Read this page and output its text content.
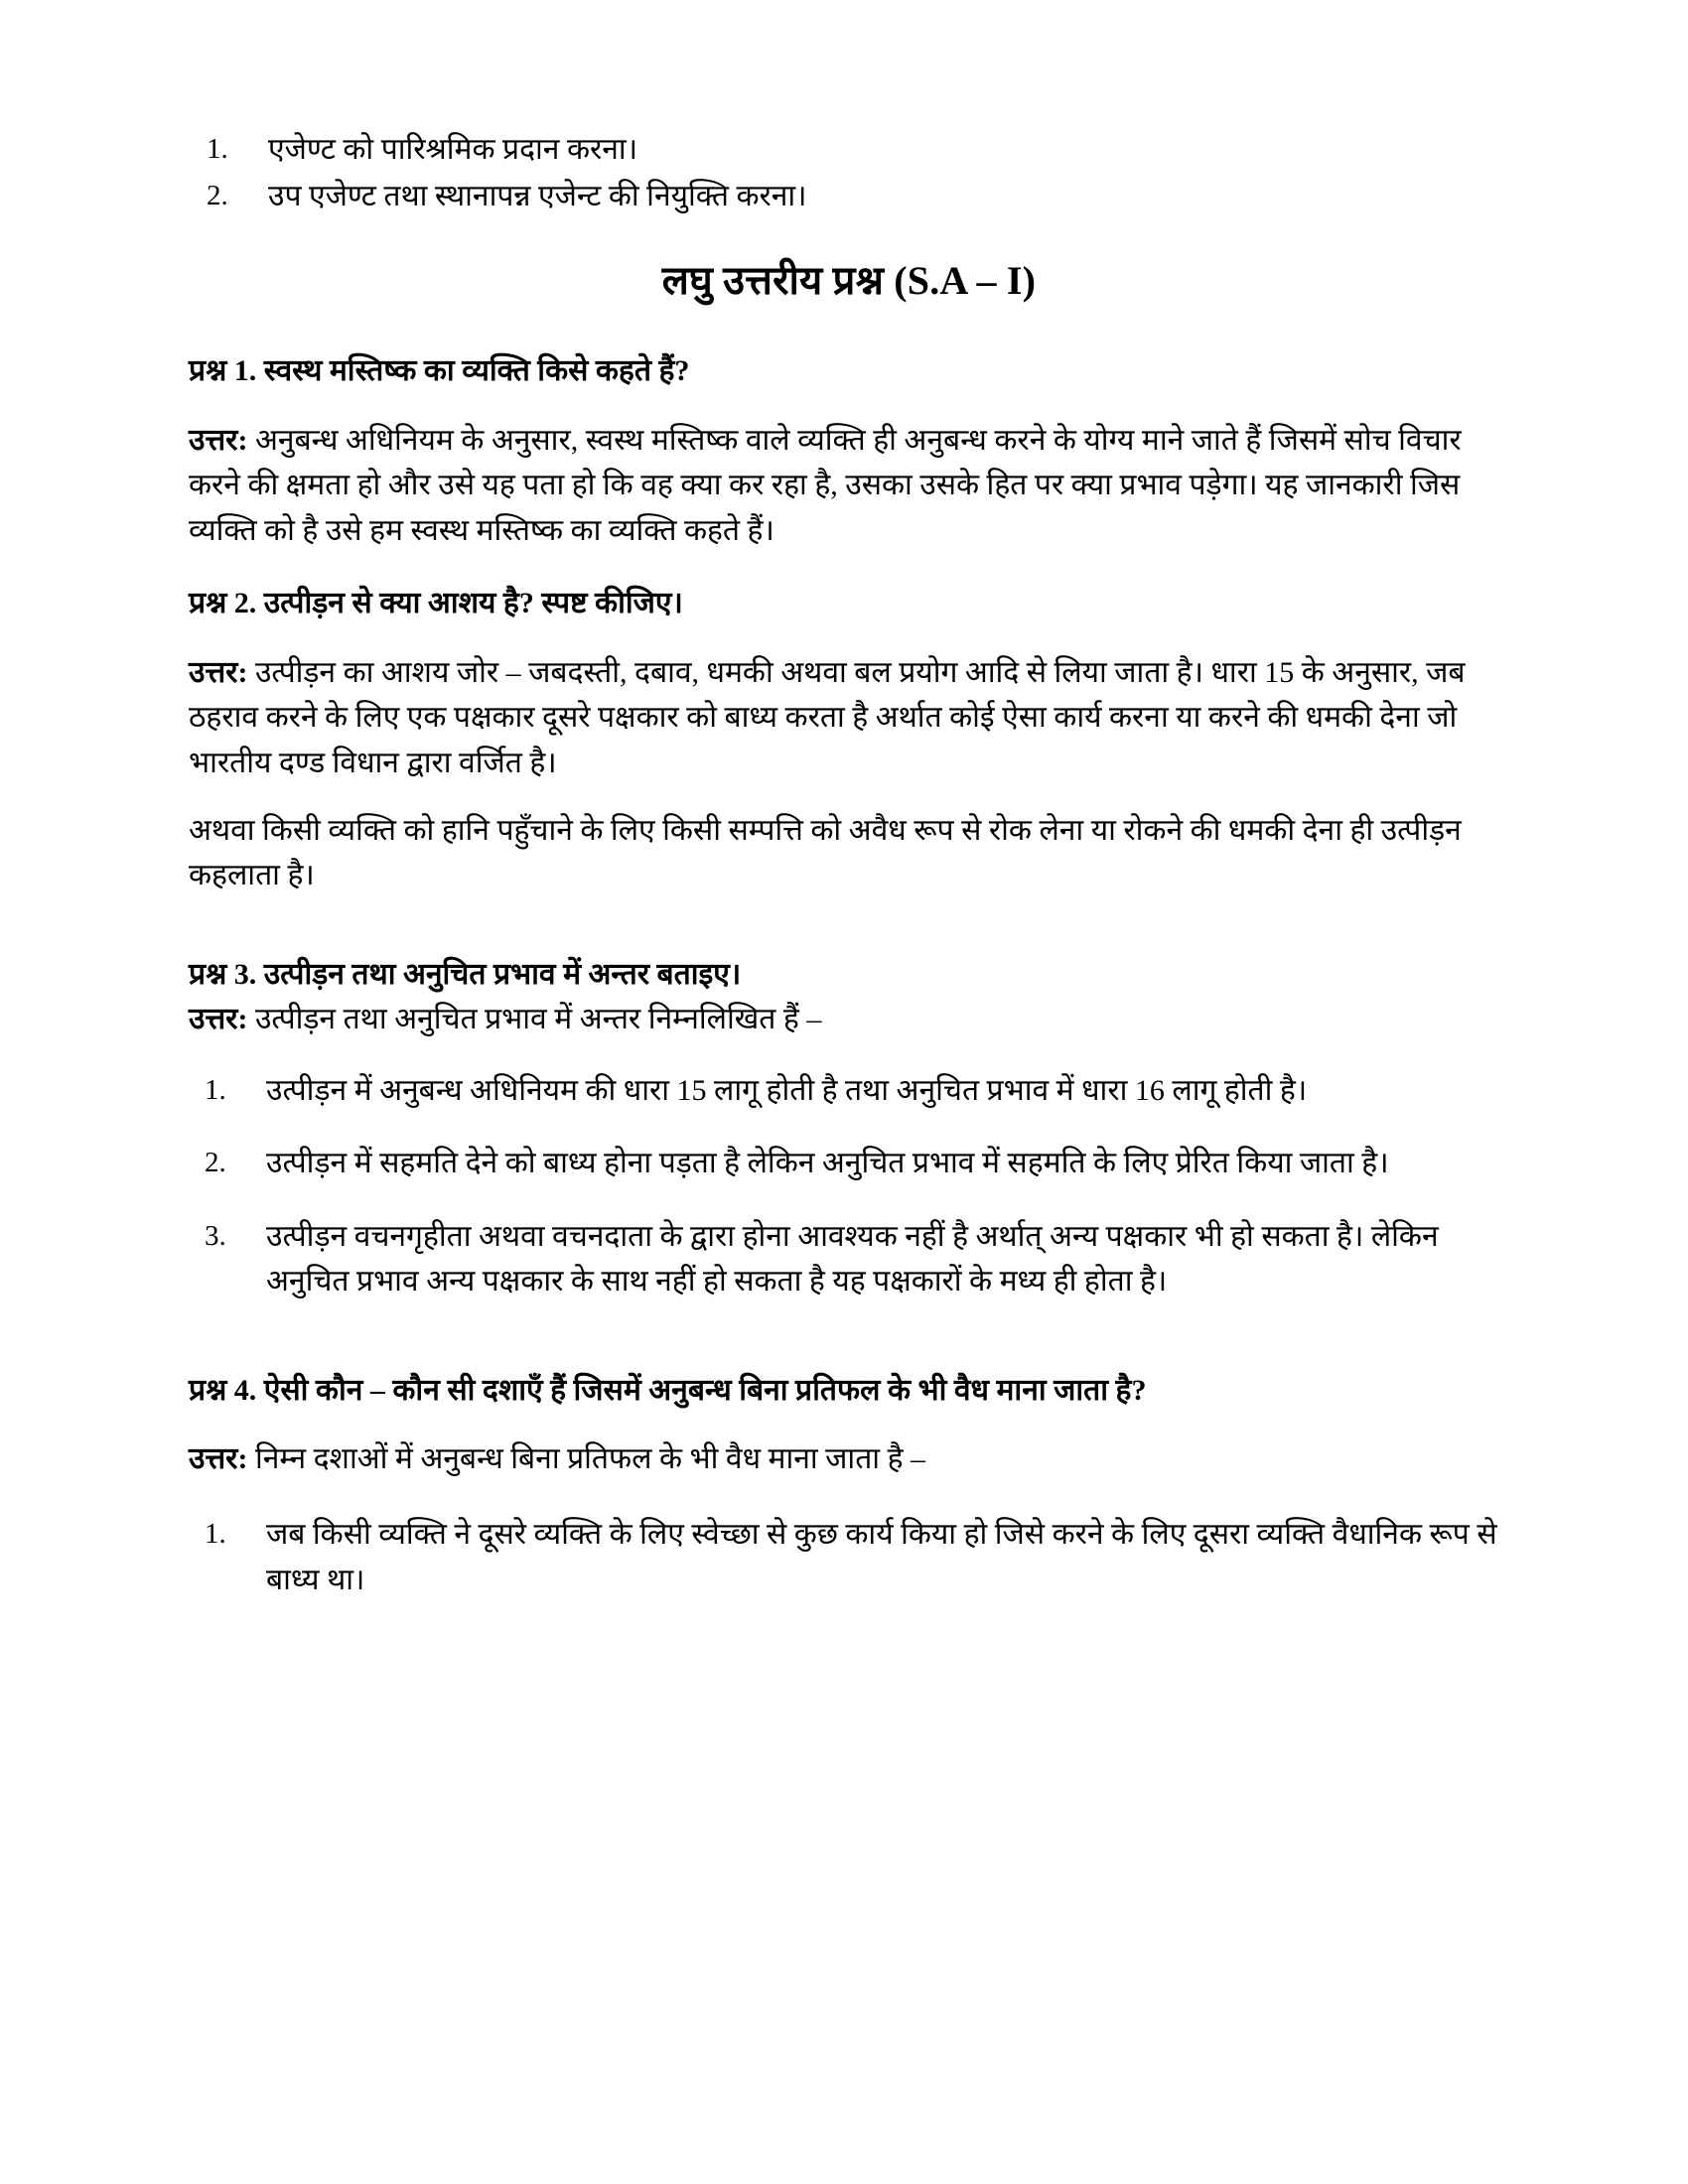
एजेण्ट को पारिश्रमिक प्रदान करना।
उप एजेण्ट तथा स्थानापन्न एजेन्ट की नियुक्ति करना।
लघु उत्तरीय प्रश्न (S.A – I)
प्रश्न 1. स्वस्थ मस्तिष्क का व्यक्ति किसे कहते हैं?

उत्तर: अनुबन्ध अधिनियम के अनुसार, स्वस्थ मस्तिष्क वाले व्यक्ति ही अनुबन्ध करने के योग्य माने जाते हैं जिसमें सोच विचार करने की क्षमता हो और उसे यह पता हो कि वह क्या कर रहा है, उसका उसके हित पर क्या प्रभाव पड़ेगा। यह जानकारी जिस व्यक्ति को है उसे हम स्वस्थ मस्तिष्क का व्यक्ति कहते हैं।

प्रश्न 2. उत्पीड़न से क्या आशय है? स्पष्ट कीजिए।

उत्तर: उत्पीड़न का आशय जोर – जबदस्ती, दबाव, धमकी अथवा बल प्रयोग आदि से लिया जाता है। धारा 15 के अनुसार, जब ठहराव करने के लिए एक पक्षकार दूसरे पक्षकार को बाध्य करता है अर्थात कोई ऐसा कार्य करना या करने की धमकी देना जो भारतीय दण्ड विधान द्वारा वर्जित है।

अथवा किसी व्यक्ति को हानि पहुँचाने के लिए किसी सम्पत्ति को अवैध रूप से रोक लेना या रोकने की धमकी देना ही उत्पीड़न कहलाता है।

प्रश्न 3. उत्पीड़न तथा अनुचित प्रभाव में अन्तर बताइए।

उत्तर: उत्पीड़न तथा अनुचित प्रभाव में अन्तर निम्नलिखित हैं –

उत्पीड़न में अनुबन्ध अधिनियम की धारा 15 लागू होती है तथा अनुचित प्रभाव में धारा 16 लागू होती है।
उत्पीड़न में सहमति देने को बाध्य होना पड़ता है लेकिन अनुचित प्रभाव में सहमति के लिए प्रेरित किया जाता है।
उत्पीड़न वचनगृहीता अथवा वचनदाता के द्वारा होना आवश्यक नहीं है अर्थात् अन्य पक्षकार भी हो सकता है। लेकिन अनुचित प्रभाव अन्य पक्षकार के साथ नहीं हो सकता है यह पक्षकारों के मध्य ही होता है।
प्रश्न 4. ऐसी कौन – कौन सी दशाएँ हैं जिसमें अनुबन्ध बिना प्रतिफल के भी वैध माना जाता है?

उत्तर: निम्न दशाओं में अनुबन्ध बिना प्रतिफल के भी वैध माना जाता है –

जब किसी व्यक्ति ने दूसरे व्यक्ति के लिए स्वेच्छा से कुछ कार्य किया हो जिसे करने के लिए दूसरा व्यक्ति वैधानिक रूप से बाध्य था।
